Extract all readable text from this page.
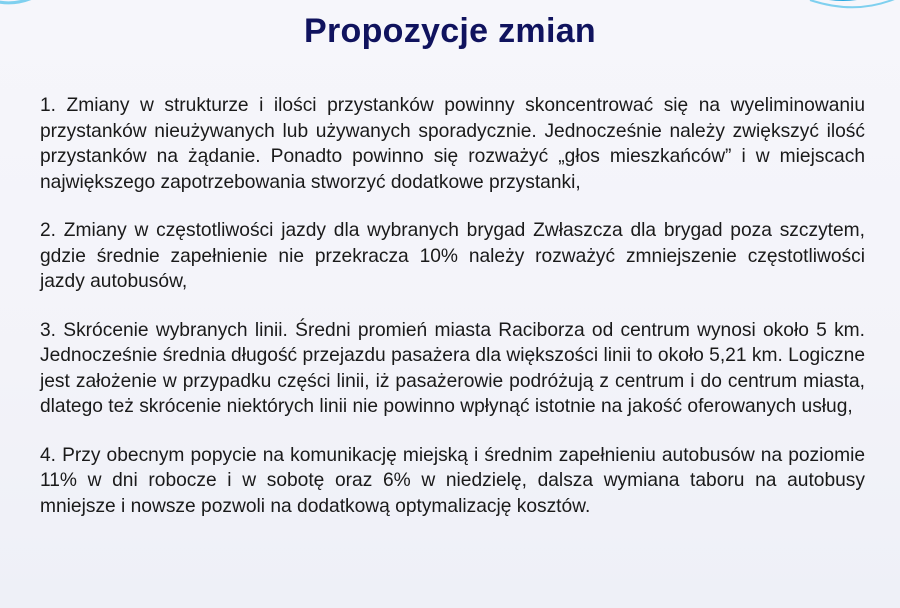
Propozycje zmian

1. Zmiany w strukturze i ilości przystanków powinny skoncentrować się na wyeliminowaniu przystanków nieużywanych lub używanych sporadycznie. Jednocześnie należy zwiększyć ilość przystanków na żądanie. Ponadto powinno się rozważyć „głos mieszkańców” i w miejscach największego zapotrzebowania stworzyć dodatkowe przystanki,

2. Zmiany w częstotliwości jazdy dla wybranych brygad Zwłaszcza dla brygad poza szczytem, gdzie średnie zapełnienie nie przekracza 10% należy rozważyć zmniejszenie częstotliwości jazdy autobusów,

3. Skrócenie wybranych linii. Średni promień miasta Raciborza od centrum wynosi około 5 km. Jednocześnie średnia długość przejazdu pasażera dla większości linii to około 5,21 km. Logiczne jest założenie w przypadku części linii, iż pasażerowie podróżują z centrum i do centrum miasta, dlatego też skrócenie niektórych linii nie powinno wpłynąć istotnie na jakość oferowanych usług,

4. Przy obecnym popycie na komunikację miejską i średnim zapełnieniu autobusów na poziomie 11% w dni robocze i w sobotę oraz 6% w niedzielę, dalsza wymiana taboru na autobusy mniejsze i nowsze pozwoli na dodatkową optymalizację kosztów.
